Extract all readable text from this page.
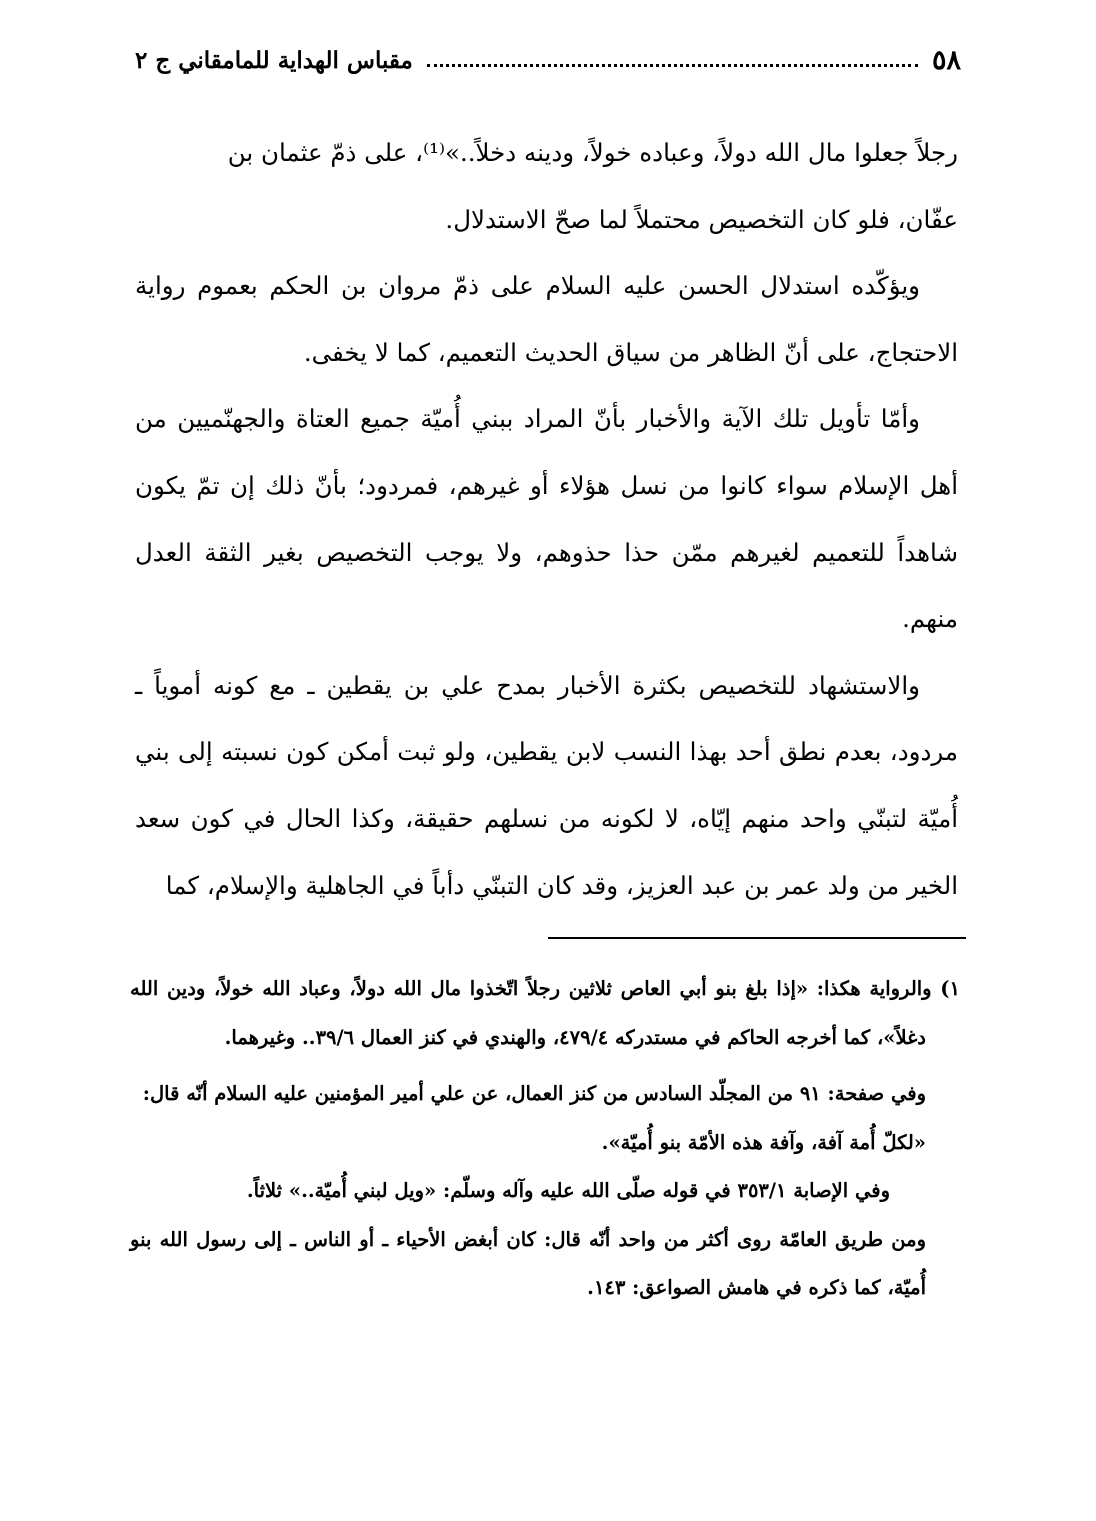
٥٨
مقباس الهداية للمامقاني ج ٢

رجلاً جعلوا مال الله دولاً، وعباده خولاً، ودينه دخلاً..»⁽¹⁾، على ذمّ عثمان بن

عفّان، فلو كان التخصيص محتملاً لما صحّ الاستدلال.

ويؤكّده استدلال الحسن عليه السلام على ذمّ مروان بن الحكم بعموم رواية الاحتجاج، على أنّ الظاهر من سياق الحديث التعميم، كما لا يخفى.

وأمّا تأويل تلك الآية والأخبار بأنّ المراد ببني أُميّة جميع العتاة والجهنّميين من أهل الإسلام سواء كانوا من نسل هؤلاء أو غيرهم، فمردود؛ بأنّ ذلك إن تمّ يكون شاهداً للتعميم لغيرهم ممّن حذا حذوهم، ولا يوجب التخصيص بغير الثقة العدل منهم.

والاستشهاد للتخصيص بكثرة الأخبار بمدح علي بن يقطين ـ مع كونه أموياً ـ مردود، بعدم نطق أحد بهذا النسب لابن يقطين، ولو ثبت أمكن كون نسبته إلى بني أُميّة لتبنّي واحد منهم إيّاه، لا لكونه من نسلهم حقيقة، وكذا الحال في كون سعد الخير من ولد عمر بن عبد العزيز، وقد كان التبنّي دأباً في الجاهلية والإسلام، كما

١) والرواية هكذا: «إذا بلغ بنو أبي العاص ثلاثين رجلاً اتّخذوا مال الله دولاً، وعباد الله خولاً، ودين الله دغلاً»، كما أخرجه الحاكم في مستدركه ٤٧٩/٤، والهندي في كنز العمال ٣٩/٦.. وغيرهما.

وفي صفحة: ٩١ من المجلّد السادس من كنز العمال، عن علي أمير المؤمنين عليه السلام أنّه قال:

«لكلّ أُمة آفة، وآفة هذه الأمّة بنو أُميّة».

وفي الإصابة ٣٥٣/١ في قوله صلّى الله عليه وآله وسلّم: «ويل لبني أُميّة..» ثلاثاً.

ومن طريق العامّة روى أكثر من واحد أنّه قال: كان أبغض الأحياء ـ أو الناس ـ إلى رسول الله بنو أُميّة، كما ذكره في هامش الصواعق: ١٤٣.
